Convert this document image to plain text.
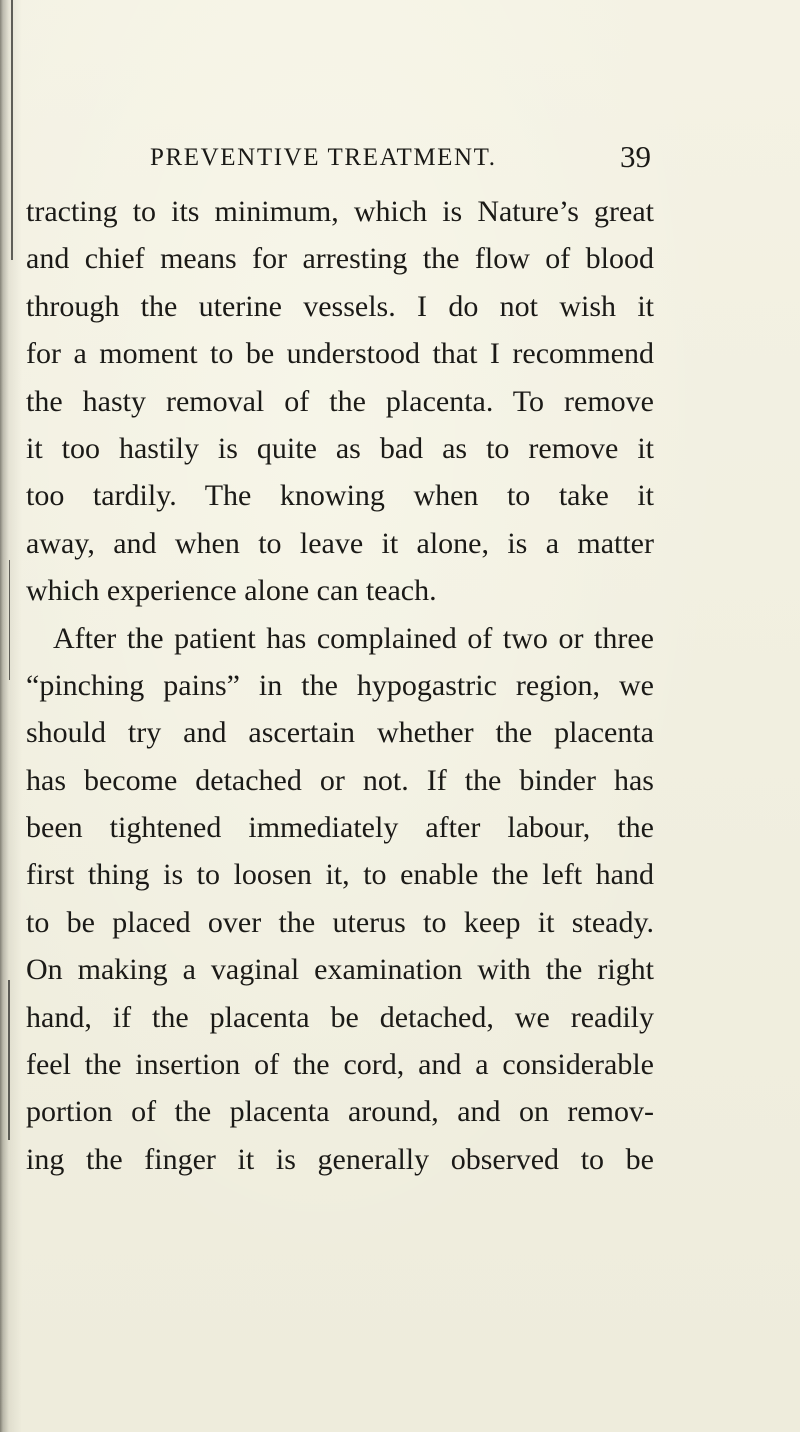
PREVENTIVE TREATMENT.	39
tracting to its minimum, which is Nature’s great
and chief means for arresting the flow of blood
through the uterine vessels. I do not wish it
for a moment to be understood that I recommend
the hasty removal of the placenta. To remove
it too hastily is quite as bad as to remove it
too tardily. The knowing when to take it
away, and when to leave it alone, is a matter
which experience alone can teach.
After the patient has complained of two or three
“pinching pains” in the hypogastric region, we
should try and ascertain whether the placenta
has become detached or not. If the binder has
been tightened immediately after labour, the
first thing is to loosen it, to enable the left hand
to be placed over the uterus to keep it steady.
On making a vaginal examination with the right
hand, if the placenta be detached, we readily
feel the insertion of the cord, and a considerable
portion of the placenta around, and on remov-
ing the finger it is generally observed to be
